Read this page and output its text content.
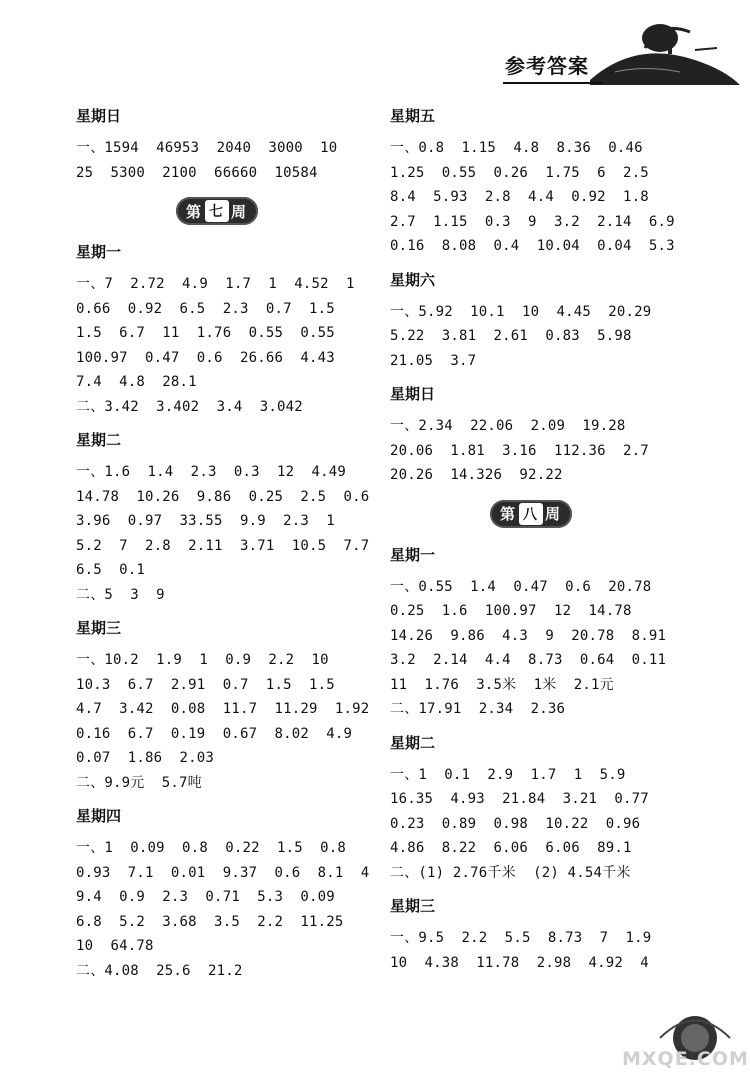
参考答案
星期日
一、1594  46953  2040  3000  10
25  5300  2100  66660  10584
第 七 周
星期一
一、7  2.72  4.9  1.7  1  4.52  1
0.66  0.92  6.5  2.3  0.7  1.5
1.5  6.7  11  1.76  0.55  0.55
100.97  0.47  0.6  26.66  4.43
7.4  4.8  28.1
二、3.42  3.402  3.4  3.042
星期二
一、1.6  1.4  2.3  0.3  12  4.49
14.78  10.26  9.86  0.25  2.5  0.6
3.96  0.97  33.55  9.9  2.3  1
5.2  7  2.8  2.11  3.71  10.5  7.7
6.5  0.1
二、5  3  9
星期三
一、10.2  1.9  1  0.9  2.2  10
10.3  6.7  2.91  0.7  1.5  1.5
4.7  3.42  0.08  11.7  11.29  1.92
0.16  6.7  0.19  0.67  8.02  4.9
0.07  1.86  2.03
二、9.9元  5.7吨
星期四
一、1  0.09  0.8  0.22  1.5  0.8
0.93  7.1  0.01  9.37  0.6  8.1  4
9.4  0.9  2.3  0.71  5.3  0.09
6.8  5.2  3.68  3.5  2.2  11.25
10  64.78
二、4.08  25.6  21.2
星期五
一、0.8  1.15  4.8  8.36  0.46
1.25  0.55  0.26  1.75  6  2.5
8.4  5.93  2.8  4.4  0.92  1.8
2.7  1.15  0.3  9  3.2  2.14  6.9
0.16  8.08  0.4  10.04  0.04  5.3
星期六
一、5.92  10.1  10  4.45  20.29
5.22  3.81  2.61  0.83  5.98
21.05  3.7
星期日
一、2.34  22.06  2.09  19.28
20.06  1.81  3.16  112.36  2.7
20.26  14.326  92.22
第 八 周
星期一
一、0.55  1.4  0.47  0.6  20.78
0.25  1.6  100.97  12  14.78
14.26  9.86  4.3  9  20.78  8.91
3.2  2.14  4.4  8.73  0.64  0.11
11  1.76  3.5米  1米  2.1元
二、17.91  2.34  2.36
星期二
一、1  0.1  2.9  1.7  1  5.9
16.35  4.93  21.84  3.21  0.77
0.23  0.89  0.98  10.22  0.96
4.86  8.22  6.06  6.06  89.1
二、(1) 2.76千米  (2) 4.54千米
星期三
一、9.5  2.2  5.5  8.73  7  1.9
10  4.38  11.78  2.98  4.92  4
MXQE.COM
